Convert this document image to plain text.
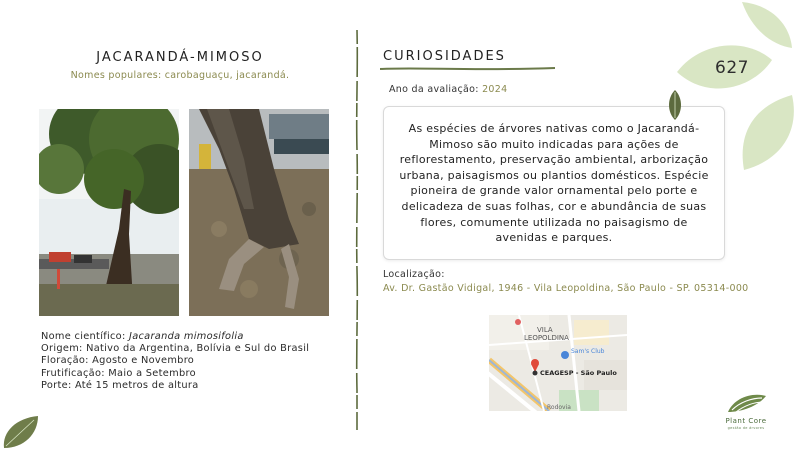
JACARANDÁ-MIMOSO
Nomes populares: carobaguaçu, jacarandá.
Nome científico: Jacaranda mimosifolia
Origem: Nativo da Argentina, Bolívia e Sul do Brasil
Floração: Agosto e Novembro
Frutificação: Maio a Setembro
Porte: Até 15 metros de altura
CURIOSIDADES
Ano da avaliação: 2024
As espécies de árvores nativas como o Jacarandá-Mimoso são muito indicadas para ações de reflorestamento, preservação ambiental, arborização urbana, paisagismos ou plantios domésticos. Espécie pioneira de grande valor ornamental pelo porte e delicadeza de suas folhas, cor e abundância de suas flores, comumente utilizada no paisagismo de avenidas e parques.
Localização:
Av. Dr. Gastão Vidigal, 1946 - Vila Leopoldina, São Paulo - SP. 05314-000
VILA
LEOPOLDINA
Sam's Club
CEAGESP - São Paulo
Rodovia
627
Plant Core
gestão de árvores
